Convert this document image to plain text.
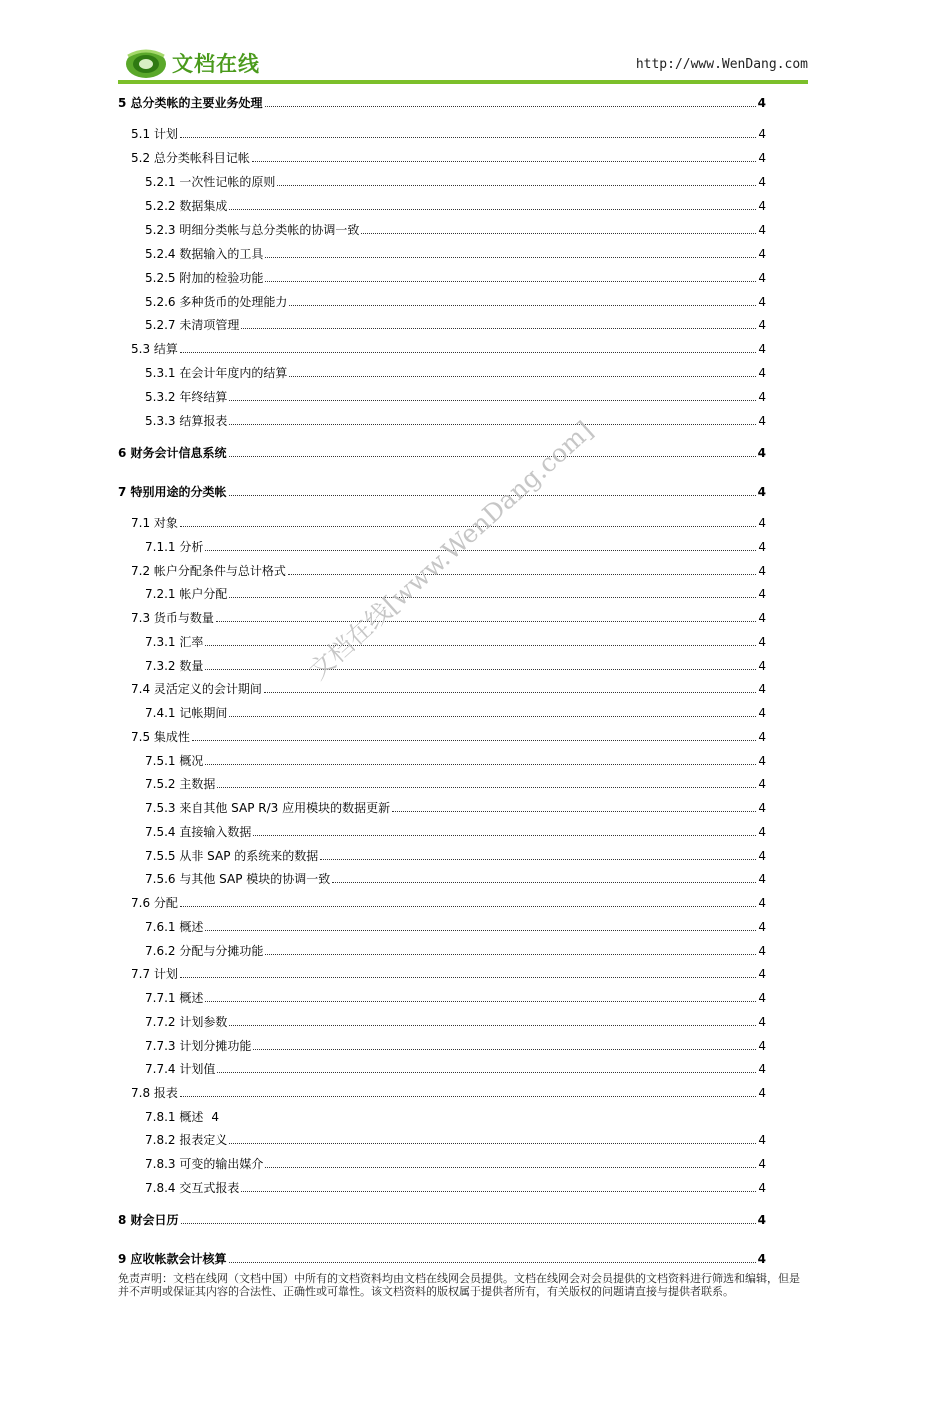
文档在线	http://www.WenDang.com
5 总分类帐的主要业务处理	4
5.1 计划	4
5.2 总分类帐科目记帐	4
5.2.1 一次性记帐的原则	4
5.2.2 数据集成	4
5.2.3 明细分类帐与总分类帐的协调一致	4
5.2.4 数据输入的工具	4
5.2.5 附加的检验功能	4
5.2.6 多种货币的处理能力	4
5.2.7 未清项管理	4
5.3 结算	4
5.3.1 在会计年度内的结算	4
5.3.2 年终结算	4
5.3.3 结算报表	4
6 财务会计信息系统	4
7 特别用途的分类帐	4
7.1 对象	4
7.1.1 分析	4
7.2 帐户分配条件与总计格式	4
7.2.1 帐户分配	4
7.3 货币与数量	4
7.3.1 汇率	4
7.3.2 数量	4
7.4 灵活定义的会计期间	4
7.4.1 记帐期间	4
7.5 集成性	4
7.5.1 概况	4
7.5.2 主数据	4
7.5.3 来自其他 SAP R/3 应用模块的数据更新	4
7.5.4 直接输入数据	4
7.5.5 从非 SAP 的系统来的数据	4
7.5.6 与其他 SAP 模块的协调一致	4
7.6 分配	4
7.6.1 概述	4
7.6.2 分配与分摊功能	4
7.7 计划	4
7.7.1 概述	4
7.7.2 计划参数	4
7.7.3 计划分摊功能	4
7.7.4 计划值	4
7.8 报表	4
7.8.1 概述 4
7.8.2 报表定义	4
7.8.3 可变的输出媒介	4
7.8.4 交互式报表	4
8 财会日历	4
9 应收帐款会计核算	4
文档在线[www.WenDang.com]
免责声明：文档在线网（文档中国）中所有的文档资料均由文档在线网会员提供。文档在线网会对会员提供的文档资料进行筛选和编辑，但是并不声明或保证其内容的合法性、正确性或可靠性。该文档资料的版权属于提供者所有，有关版权的问题请直接与提供者联系。
